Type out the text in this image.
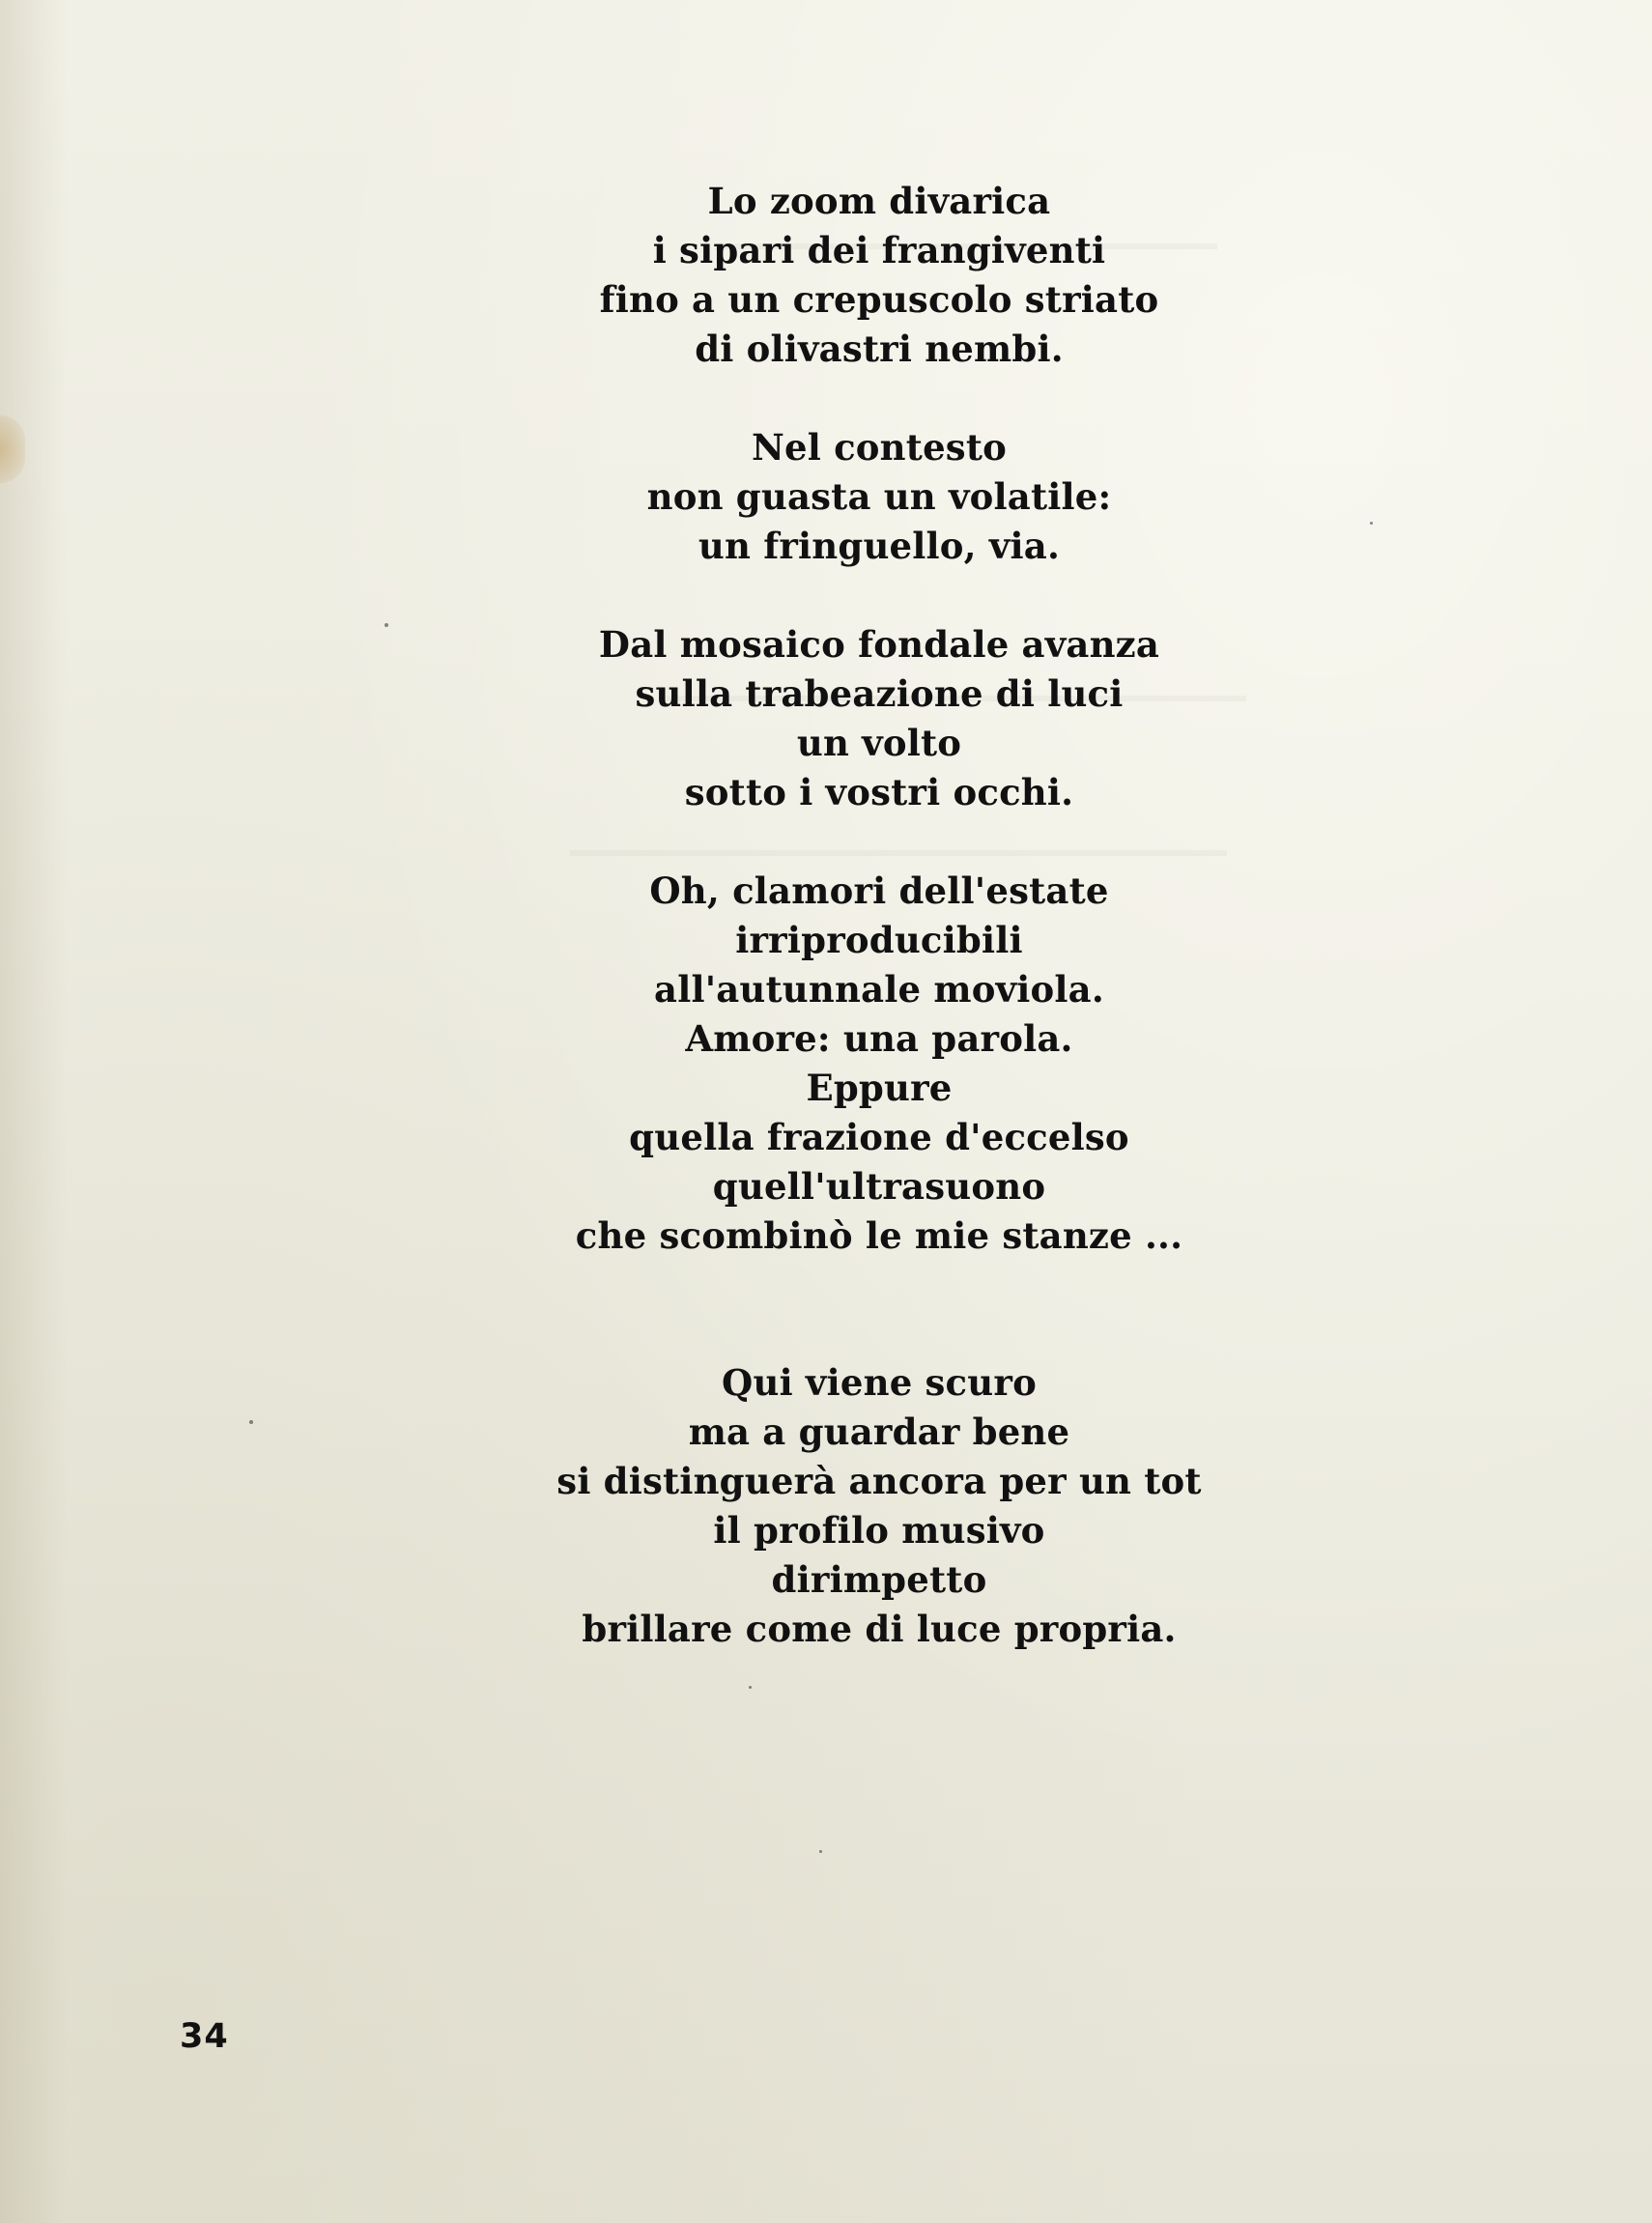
Lo zoom divarica
i sipari dei frangiventi
fino a un crepuscolo striato
di olivastri nembi.
Nel contesto
non guasta un volatile:
un fringuello, via.
Dal mosaico fondale avanza
sulla trabeazione di luci
un volto
sotto i vostri occhi.
Oh, clamori dell'estate
irriproducibili
all'autunnale moviola.
Amore: una parola.
Eppure
quella frazione d'eccelso
quell'ultrasuono
che scombinò le mie stanze ...
Qui viene scuro
ma a guardar bene
si distinguerà ancora per un tot
il profilo musivo
dirimpetto
brillare come di luce propria.
34
